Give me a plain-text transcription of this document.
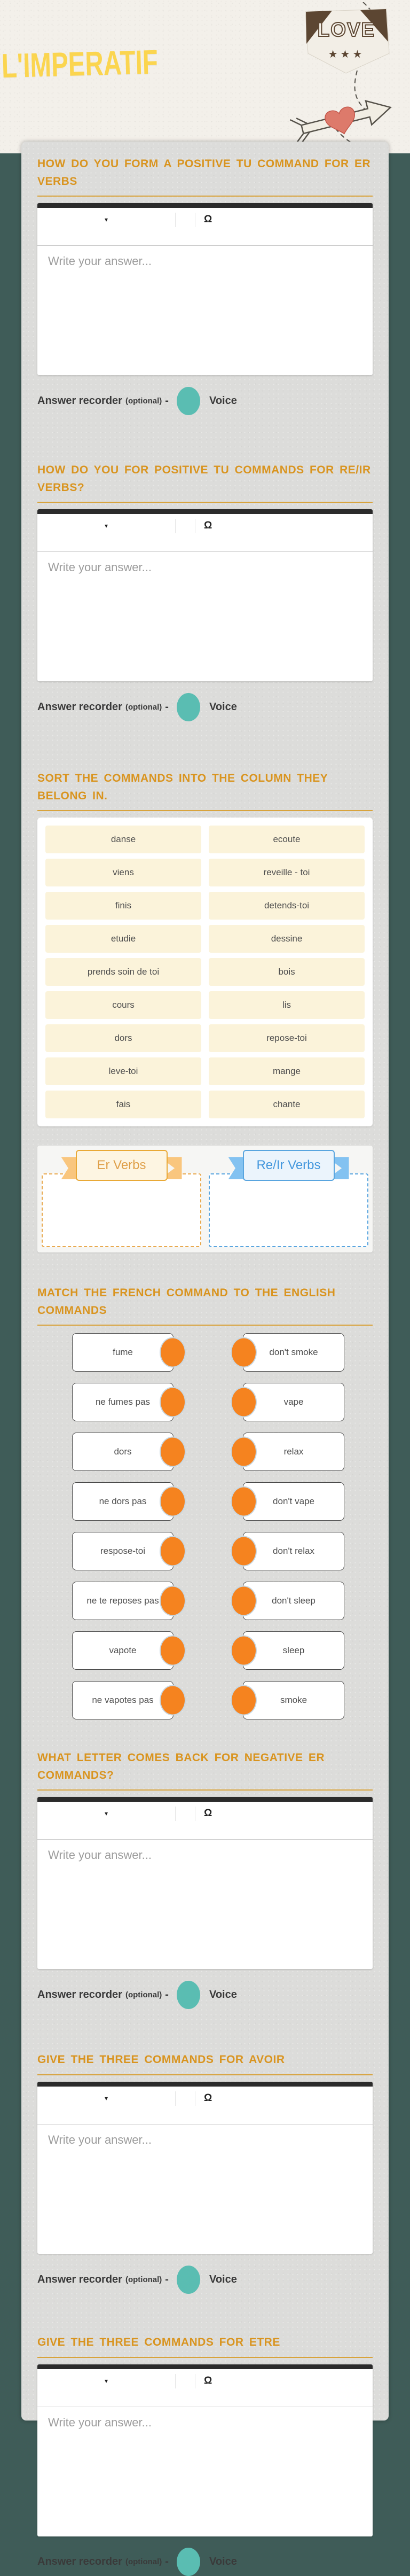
L'IMPERATIF
LOVE
★★★
HOW DO YOU FORM A POSITIVE TU COMMAND FOR ER VERBS
▾	Ω
Write your answer...
Answer recorder (optional) -	Voice
HOW DO YOU FOR POSITIVE TU COMMANDS FOR RE/IR VERBS?
▾	Ω
Write your answer...
Answer recorder (optional) -	Voice
SORT THE COMMANDS INTO THE COLUMN THEY BELONG IN.
danse	ecoute
viens	reveille - toi
finis	detends-toi
etudie	dessine
prends soin de toi	bois
cours	lis
dors	repose-toi
leve-toi	mange
fais	chante
Er Verbs	Re/Ir Verbs
MATCH THE FRENCH COMMAND TO THE ENGLISH COMMANDS
fume	don't smoke
ne fumes pas	vape
dors	relax
ne dors pas	don't vape
respose-toi	don't relax
ne te reposes pas	don't sleep
vapote	sleep
ne vapotes pas	smoke
WHAT LETTER COMES BACK FOR NEGATIVE ER COMMANDS?
▾	Ω
Write your answer...
Answer recorder (optional) -	Voice
GIVE THE THREE COMMANDS FOR AVOIR
▾	Ω
Write your answer...
Answer recorder (optional) -	Voice
GIVE THE THREE COMMANDS FOR ETRE
▾	Ω
Write your answer...
Answer recorder (optional) -	Voice
